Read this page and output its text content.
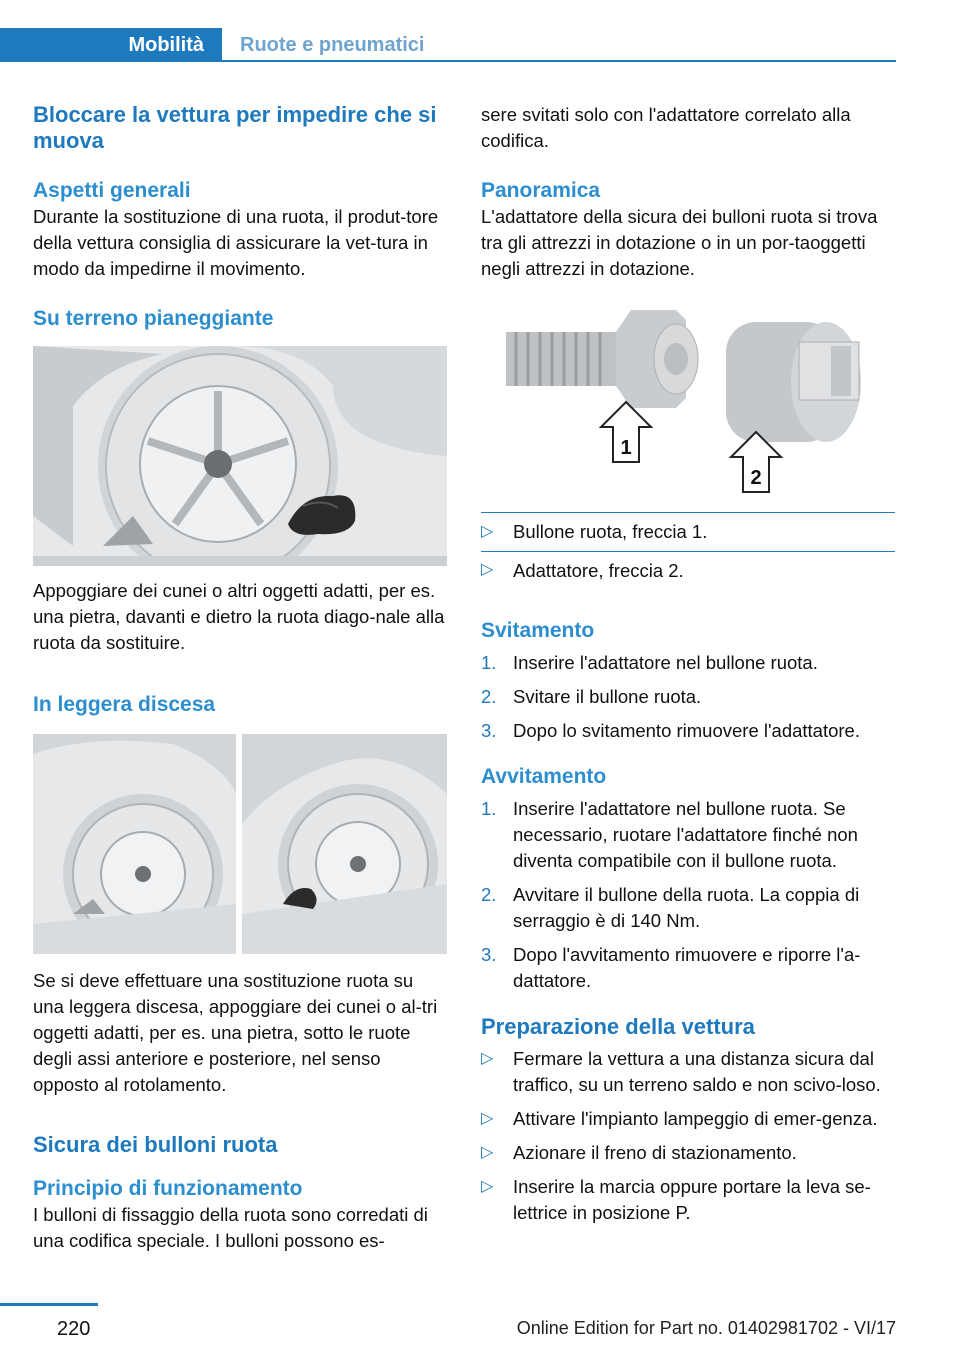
Mobilità	Ruote e pneumatici

Bloccare la vettura per impedire che si muova

Aspetti generali

Durante la sostituzione di una ruota, il produt‐tore della vettura consiglia di assicurare la vet‐tura in modo da impedirne il movimento.

Su terreno pianeggiante

Appoggiare dei cunei o altri oggetti adatti, per es. una pietra, davanti e dietro la ruota diago‐nale alla ruota da sostituire.

In leggera discesa

Se si deve effettuare una sostituzione ruota su una leggera discesa, appoggiare dei cunei o al‐tri oggetti adatti, per es. una pietra, sotto le ruote degli assi anteriore e posteriore, nel senso opposto al rotolamento.

Sicura dei bulloni ruota

Principio di funzionamento

I bulloni di fissaggio della ruota sono corredati di una codifica speciale. I bulloni possono es‐

sere svitati solo con l'adattatore correlato alla codifica.

Panoramica

L'adattatore della sicura dei bulloni ruota si trova tra gli attrezzi in dotazione o in un por‐taoggetti negli attrezzi in dotazione.

1
2
▷ Bullone ruota, freccia 1.
▷ Adattatore, freccia 2.

Svitamento

1. Inserire l'adattatore nel bullone ruota.
2. Svitare il bullone ruota.
3. Dopo lo svitamento rimuovere l'adattatore.

Avvitamento

1. Inserire l'adattatore nel bullone ruota. Se necessario, ruotare l'adattatore finché non diventa compatibile con il bullone ruota.
2. Avvitare il bullone della ruota. La coppia di serraggio è di 140 Nm.
3. Dopo l'avvitamento rimuovere e riporre l'a‐dattatore.

Preparazione della vettura

▷ Fermare la vettura a una distanza sicura dal traffico, su un terreno saldo e non scivo‐loso.
▷ Attivare l'impianto lampeggio di emer‐genza.
▷ Azionare il freno di stazionamento.
▷ Inserire la marcia oppure portare la leva se‐lettrice in posizione P.
220	Online Edition for Part no. 01402981702 - VI/17
